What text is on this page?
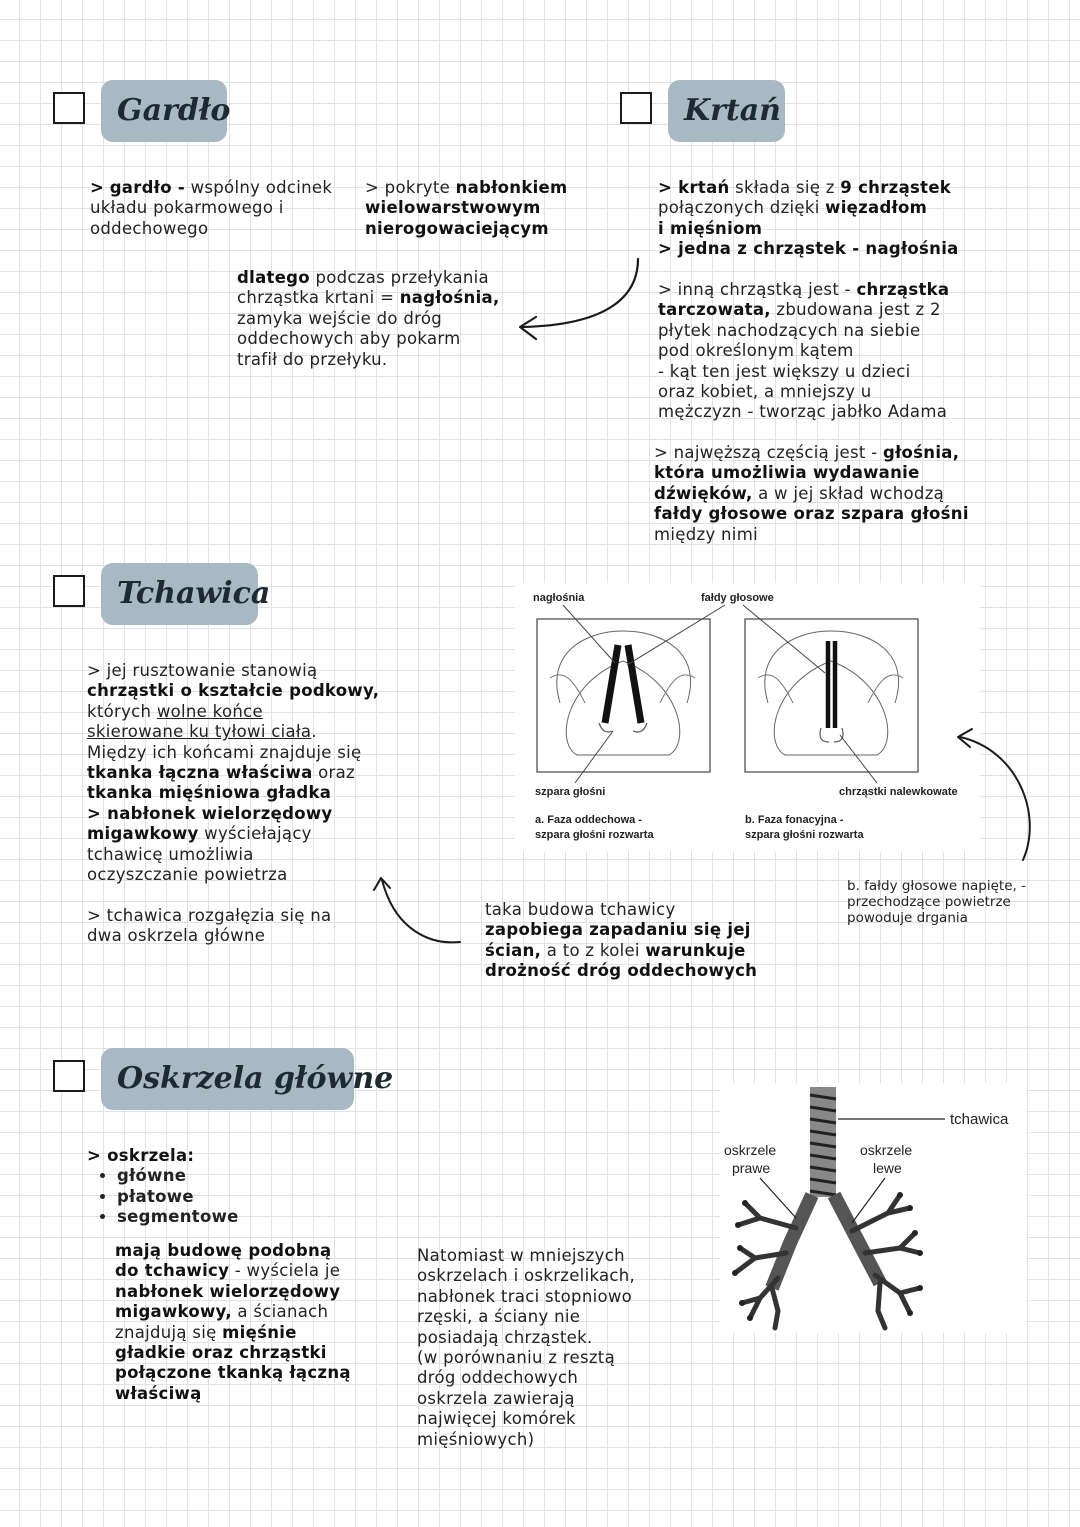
Gardło
> gardło - wspólny odcinek
układu pokarmowego i
oddechowego
> pokryte nabłonkiem
wielowarstwowym
nierogowaciejącym
dlatego podczas przełykania
chrząstka krtani = nagłośnia,
zamyka wejście do dróg
oddechowych aby pokarm
trafił do przełyku.
Krtań
> krtań składa się z 9 chrząstek
połączonych dzięki więzadłom
i mięśniom
> jedna z chrząstek - nagłośnia
> inną chrząstką jest - chrząstka
tarczowata, zbudowana jest z 2
płytek nachodzących na siebie
pod określonym kątem
- kąt ten jest większy u dzieci
oraz kobiet, a mniejszy u
mężczyzn - tworząc jabłko Adama
> najwęższą częścią jest - głośnia,
która umożliwia wydawanie
dźwięków, a w jej skład wchodzą
fałdy głosowe oraz szpara głośni
między nimi
Tchawica
> jej rusztowanie stanowią
chrząstki o kształcie podkowy,
których wolne końce
skierowane ku tyłowi ciała.
Między ich końcami znajduje się
tkanka łączna właściwa oraz
tkanka mięśniowa gładka
> nabłonek wielorzędowy
migawkowy wyściełający
tchawicę umożliwia
oczyszczanie powietrza
> tchawica rozgałęzia się na
dwa oskrzela główne
taka budowa tchawicy
zapobiega zapadaniu się jej
ścian, a to z kolei warunkuje
drożność dróg oddechowych
nagłośnia	fałdy głosowe
szpara głośni	chrząstki nalewkowate
a. Faza oddechowa -
szpara głośni rozwarta
b. Faza fonacyjna -
szpara głośni rozwarta
b. fałdy głosowe napięte, -
przechodzące powietrze
powoduje drgania
Oskrzela główne
> oskrzela:
• główne
• płatowe
• segmentowe
mają budowę podobną
do tchawicy - wyściela je
nabłonek wielorzędowy
migawkowy, a ścianach
znajdują się mięśnie
gładkie oraz chrząstki
połączone tkanką łączną
właściwą
Natomiast w mniejszych
oskrzelach i oskrzelikach,
nabłonek traci stopniowo
rzęski, a ściany nie
posiadają chrząstek.
(w porównaniu z resztą
dróg oddechowych
oskrzela zawierają
najwięcej komórek
mięśniowych)
tchawica
oskrzele
prawe
oskrzele
lewe
